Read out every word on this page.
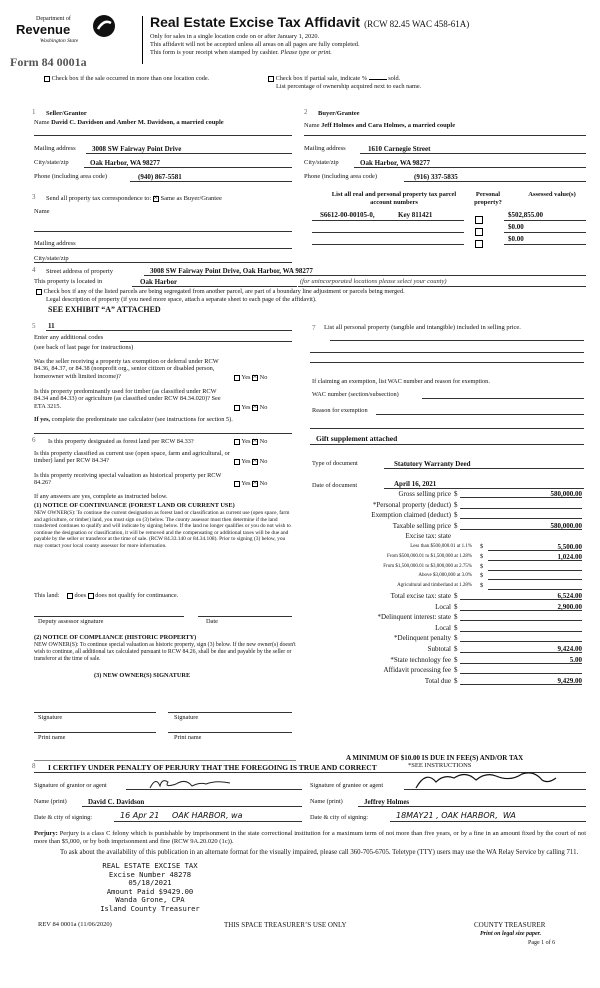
Department of
Revenue
Washington State
Form 84 0001a
Real Estate Excise Tax Affidavit (RCW 82.45 WAC 458-61A)
Only for sales in a single location code on or after January 1, 2020.
This affidavit will not be accepted unless all areas on all pages are fully completed.
This form is your receipt when stamped by cashier. Please type or print.
Check box if the sale occurred in more than one location code.	Check box if partial sale, indicate %	sold.
List percentage of ownership acquired next to each name.
1 Seller/Grantor
Name David C. Davidson and Amber M. Davidson, a married couple
Mailing address 3008 SW Fairway Point Drive
City/state/zip	Oak Harbor, WA 98277
Phone (including area code)	(940) 867-5581
2 Buyer/Grantee
Name Jeff Holmes and Cara Holmes, a married couple
Mailing address	1610 Carnegie Street
City/state/zip	Oak Harbor, WA 98277
Phone (including area code)	(916) 337-5835
3 Send all property tax correspondence to: × Same as Buyer/Grantee
Name
Mailing address
City/state/zip
List all real and personal property tax parcel account numbers
Personal property?
Assessed value(s)
S6612-00-00105-0,	Key 811421	$502,855.00
$0.00
$0.00
4 Street address of property	3008 SW Fairway Point Drive, Oak Harbor, WA 98277
This property is located in	Oak Harbor	(for unincorporated locations please select your county)
Check box if any of the listed parcels are being segregated from another parcel, are part of a boundary line adjustment or parcels being merged.
Legal description of property (if you need more space, attach a separate sheet to each page of the affidavit).
SEE EXHIBIT “A” ATTACHED
5 11
Enter any additional codes
(see back of last page for instructions)
Was the seller receiving a property tax exemption or deferral under RCW 84.36, 84.37, or 84.38 (nonprofit org., senior citizen or disabled person, homeowner with limited income)?	Yes × No
Is this property predominantly used for timber (as classified under RCW 84.34 and 84.33) or agriculture (as classified under RCW 84.34.020)? See ETA 3215.	Yes × No
If yes, complete the predominate use calculator (see instructions for section 5).
6 Is this property designated as forest land per RCW 84.33?	Yes × No
Is this property classified as current use (open space, farm and agricultural, or timber) land per RCW 84.34?	Yes × No
Is this property receiving special valuation as historical property per RCW 84.26?	Yes × No
If any answers are yes, complete as instructed below.
(1) NOTICE OF CONTINUANCE (FOREST LAND OR CURRENT USE)
NEW OWNER(S): To continue the current designation as forest land or classification as current use (open space, farm and agriculture, or timber) land, you must sign on (3) below. The county assessor must then determine if the land transferred continues to qualify and will indicate by signing below. If the land no longer qualifies or you do not wish to continue the designation or classification, it will be removed and the compensating or additional taxes will be due and payable by the seller or transferor at the time of sale. (RCW 84.33.140 or 84.34.108). Prior to signing (3) below, you may contact your local county assessor for more information.
This land: does does not qualify for continuance.
Deputy assessor signature	Date
(2) NOTICE OF COMPLIANCE (HISTORIC PROPERTY)
NEW OWNER(S): To continue special valuation as historic property, sign (3) below. If the new owner(s) doesn't wish to continue, all additional tax calculated pursuant to RCW 84.26, shall be due and payable by the seller or transferor at the time of sale.
(3) NEW OWNER(S) SIGNATURE
Signature	Signature
Print name	Print name
7	List all personal property (tangible and intangible) included in selling price.
If claiming an exemption, list WAC number and reason for exemption.
WAC number (section/subsection)
Reason for exemption
Gift supplement attached
Type of document	Statutory Warranty Deed
Date of document	April 16, 2021
Gross selling price $	580,000.00
*Personal property (deduct) $
Exemption claimed (deduct) $
Taxable selling price $	580,000.00
Excise tax: state
Less than $500,000.01 at 1.1% $	5,500.00
From $500,000.01 to $1,500,000 at 1.28% $	1,024.00
From $1,500,000.01 to $3,000,000 at 2.75% $
Above $3,000,000 at 3.0% $
Agricultural and timberland at 1.28% $
Total excise tax: state $	6,524.00
Local $	2,900.00
*Delinquent interest: state $
Local $
*Delinquent penalty $
Subtotal $	9,424.00
*State technology fee $	5.00
Affidavit processing fee $
Total due $	9,429.00
A MINIMUM OF $10.00 IS DUE IN FEE(S) AND/OR TAX
*SEE INSTRUCTIONS
8 I CERTIFY UNDER PENALTY OF PERJURY THAT THE FOREGOING IS TRUE AND CORRECT
Signature of grantor or agent	Signature of grantee or agent
Name (print)	David C. Davidson	Name (print)	Jeffrey Holmes
Date & city of signing:	16 Apr 21     OAK HARBOR, wa	Date & city of signing:	18MAY21 , OAK HARBOR,  WA
Perjury: Perjury is a class C felony which is punishable by imprisonment in the state correctional institution for a maximum term of not more than five years, or by a fine in an amount fixed by the court of not more than $5,000, or by both imprisonment and fine (RCW 9A.20.020 (1c)).
To ask about the availability of this publication in an alternate format for the visually impaired, please call 360-705-6705. Teletype (TTY) users may use the WA Relay Service by calling 711.
REAL ESTATE EXCISE TAX
Excise Number 48278
05/18/2021
Amount Paid $9429.00
Wanda Grone, CPA
Island County Treasurer
REV 84 0001a (11/06/2020)	THIS SPACE TREASURER’S USE ONLY	COUNTY TREASURER
Print on legal size paper.
Page 1 of 6
